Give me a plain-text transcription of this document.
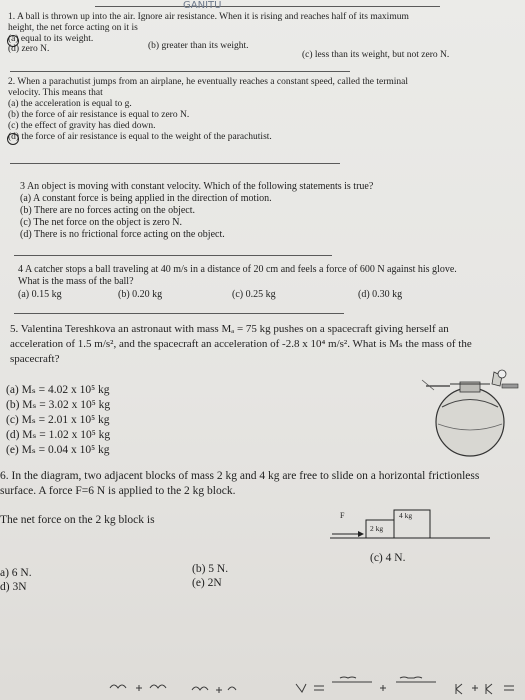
GANITU
1. A ball is thrown up into the air. Ignore air resistance. When it is rising and reaches half of its maximum
height, the net force acting on it is
(a) equal to its weight.
(b) greater than its weight.
(c) less than its weight, but not zero N.
(d) zero N.
2. When a parachutist jumps from an airplane, he eventually reaches a constant speed, called the terminal
velocity. This means that
(a) the acceleration is equal to g.
(b) the force of air resistance is equal to zero N.
(c) the effect of gravity has died down.
(d) the force of air resistance is equal to the weight of the parachutist.
3 An object is moving with constant velocity. Which of the following statements is true?
(a) A constant force is being applied in the direction of motion.
(b) There are no forces acting on the object.
(c) The net force on the object is zero N.
(d) There is no frictional force acting on the object.
4 A catcher stops a ball traveling at 40 m/s in a distance of 20 cm and feels a force of 600 N against his glove.
What is the mass of the ball?
(a) 0.15 kg	(b) 0.20 kg	(c) 0.25 kg	(d) 0.30 kg
5. Valentina Tereshkova an astronaut with mass Mₐ = 75 kg pushes on a spacecraft giving herself an
acceleration of 1.5 m/s², and the spacecraft an acceleration of -2.8 x 10⁴ m/s². What is Mₛ the mass of the
spacecraft?
(a) Mₛ = 4.02 x 10⁵ kg
(b) Mₛ = 3.02 x 10⁵ kg
(c) Mₛ = 2.01 x 10⁵ kg
(d) Mₛ = 1.02 x 10⁵ kg
(e) Mₛ = 0.04 x 10⁵ kg
6. In the diagram, two adjacent blocks of mass 2 kg and 4 kg are free to slide on a horizontal frictionless
surface. A force F=6 N is applied to the 2 kg block.
The net force on the 2 kg block is	F
2 kg
4 kg
a) 6 N.
d) 3N
(b) 5 N.
(e) 2N
(c) 4 N.
